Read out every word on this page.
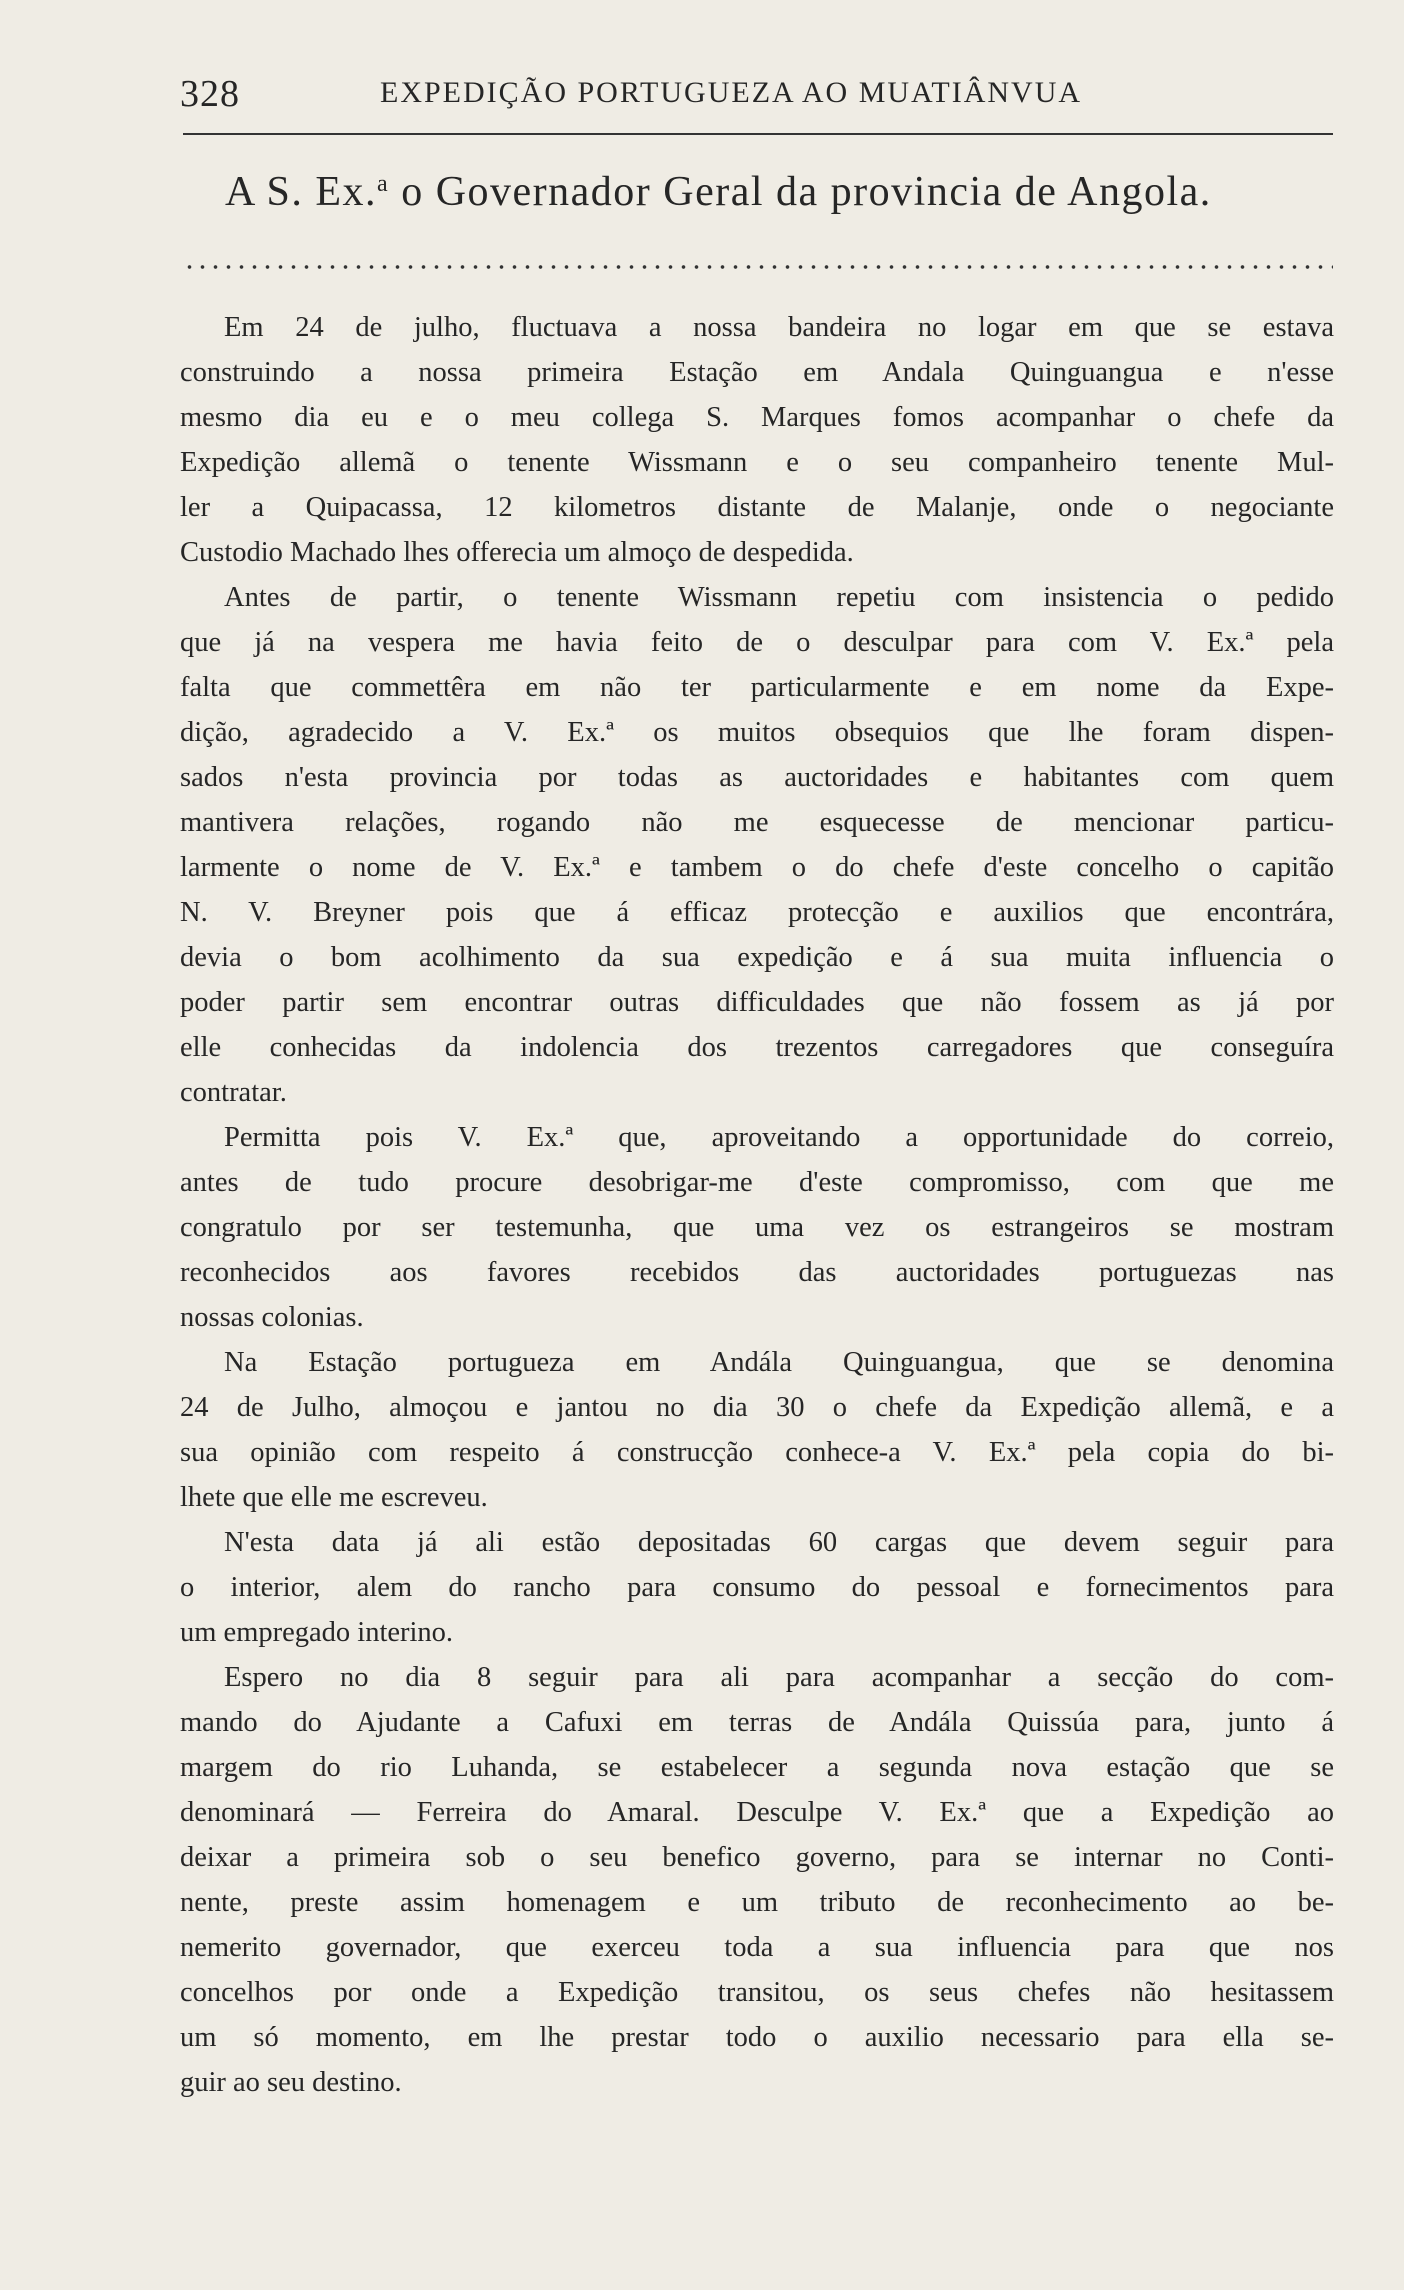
328	EXPEDIÇÃO PORTUGUEZA AO MUATIÂNVUA
A S. Ex.$^a$ o Governador Geral da provincia de Angola.
Em 24 de julho, fluctuava a nossa bandeira no logar em que se estava
construindo a nossa primeira Estação em Andala Quinguangua e n'esse
mesmo dia eu e o meu collega S. Marques fomos acompanhar o chefe da
Expedição allemã o tenente Wissmann e o seu companheiro tenente Mul-
ler a Quipacassa, 12 kilometros distante de Malanje, onde o negociante
Custodio Machado lhes offerecia um almoço de despedida.
Antes de partir, o tenente Wissmann repetiu com insistencia o pedido
que já na vespera me havia feito de o desculpar para com V. Ex.ª pela
falta que commettêra em não ter particularmente e em nome da Expe-
dição, agradecido a V. Ex.ª os muitos obsequios que lhe foram dispen-
sados n'esta provincia por todas as auctoridades e habitantes com quem
mantivera relações, rogando não me esquecesse de mencionar particu-
larmente o nome de V. Ex.ª e tambem o do chefe d'este concelho o capitão
N. V. Breyner pois que á efficaz protecção e auxilios que encontrára,
devia o bom acolhimento da sua expedição e á sua muita influencia o
poder partir sem encontrar outras difficuldades que não fossem as já por
elle conhecidas da indolencia dos trezentos carregadores que conseguíra
contratar.
Permitta pois V. Ex.ª que, aproveitando a opportunidade do correio,
antes de tudo procure desobrigar-me d'este compromisso, com que me
congratulo por ser testemunha, que uma vez os estrangeiros se mostram
reconhecidos aos favores recebidos das auctoridades portuguezas nas
nossas colonias.
Na Estação portugueza em Andála Quinguangua, que se denomina
24 de Julho, almoçou e jantou no dia 30 o chefe da Expedição allemã, e a
sua opinião com respeito á construcção conhece-a V. Ex.ª pela copia do bi-
lhete que elle me escreveu.
N'esta data já ali estão depositadas 60 cargas que devem seguir para
o interior, alem do rancho para consumo do pessoal e fornecimentos para
um empregado interino.
Espero no dia 8 seguir para ali para acompanhar a secção do com-
mando do Ajudante a Cafuxi em terras de Andála Quissúa para, junto á
margem do rio Luhanda, se estabelecer a segunda nova estação que se
denominará — Ferreira do Amaral. Desculpe V. Ex.ª que a Expedição ao
deixar a primeira sob o seu benefico governo, para se internar no Conti-
nente, preste assim homenagem e um tributo de reconhecimento ao be-
nemerito governador, que exerceu toda a sua influencia para que nos
concelhos por onde a Expedição transitou, os seus chefes não hesitassem
um só momento, em lhe prestar todo o auxilio necessario para ella se-
guir ao seu destino.
